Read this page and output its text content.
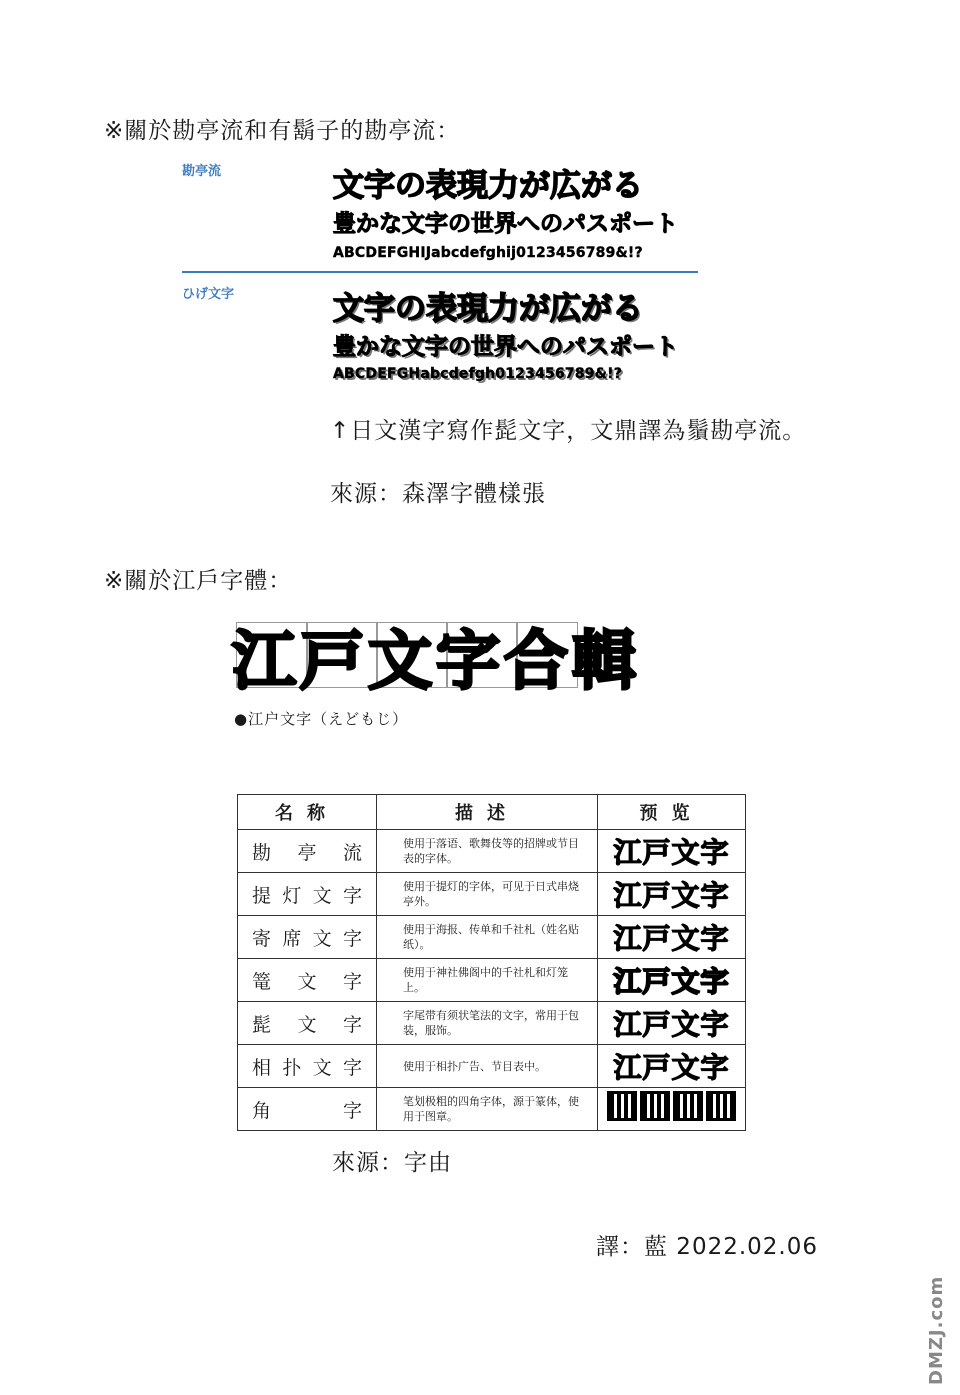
※關於勘亭流和有鬍子的勘亭流：
勘亭流	文字の表現力が広がる
豊かな文字の世界へのパスポート
ABCDEFGHIJabcdefghij0123456789&!?
ひげ文字	文字の表現力が広がる
豊かな文字の世界へのパスポート
ABCDEFGHabcdefgh0123456789&!?
↑日文漢字寫作髭文字，文鼎譯為鬚勘亭流。
來源：森澤字體樣張
※關於江戶字體：
江戸文字合輯
●江户文字（えどもじ）
名称	描述	预览
勘亭流	使用于落语、歌舞伎等的招牌或节目表的字体。	江戸文字
提灯文字	使用于提灯的字体，可见于日式串烧亭外。	江戸文字
寄席文字	使用于海报、传单和千社札（姓名贴纸）。	江戸文字
篭文字	使用于神社佛阁中的千社札和灯笼上。	江戸文字
髭文字	字尾带有须状笔法的文字，常用于包装，服饰。	江戸文字
相扑文字	使用于相扑广告、节目表中。	江戸文字
角字	笔划极粗的四角字体，源于篆体，使用于图章。	
來源：字由
譯：藍 2022.02.06
DMZJ.com
